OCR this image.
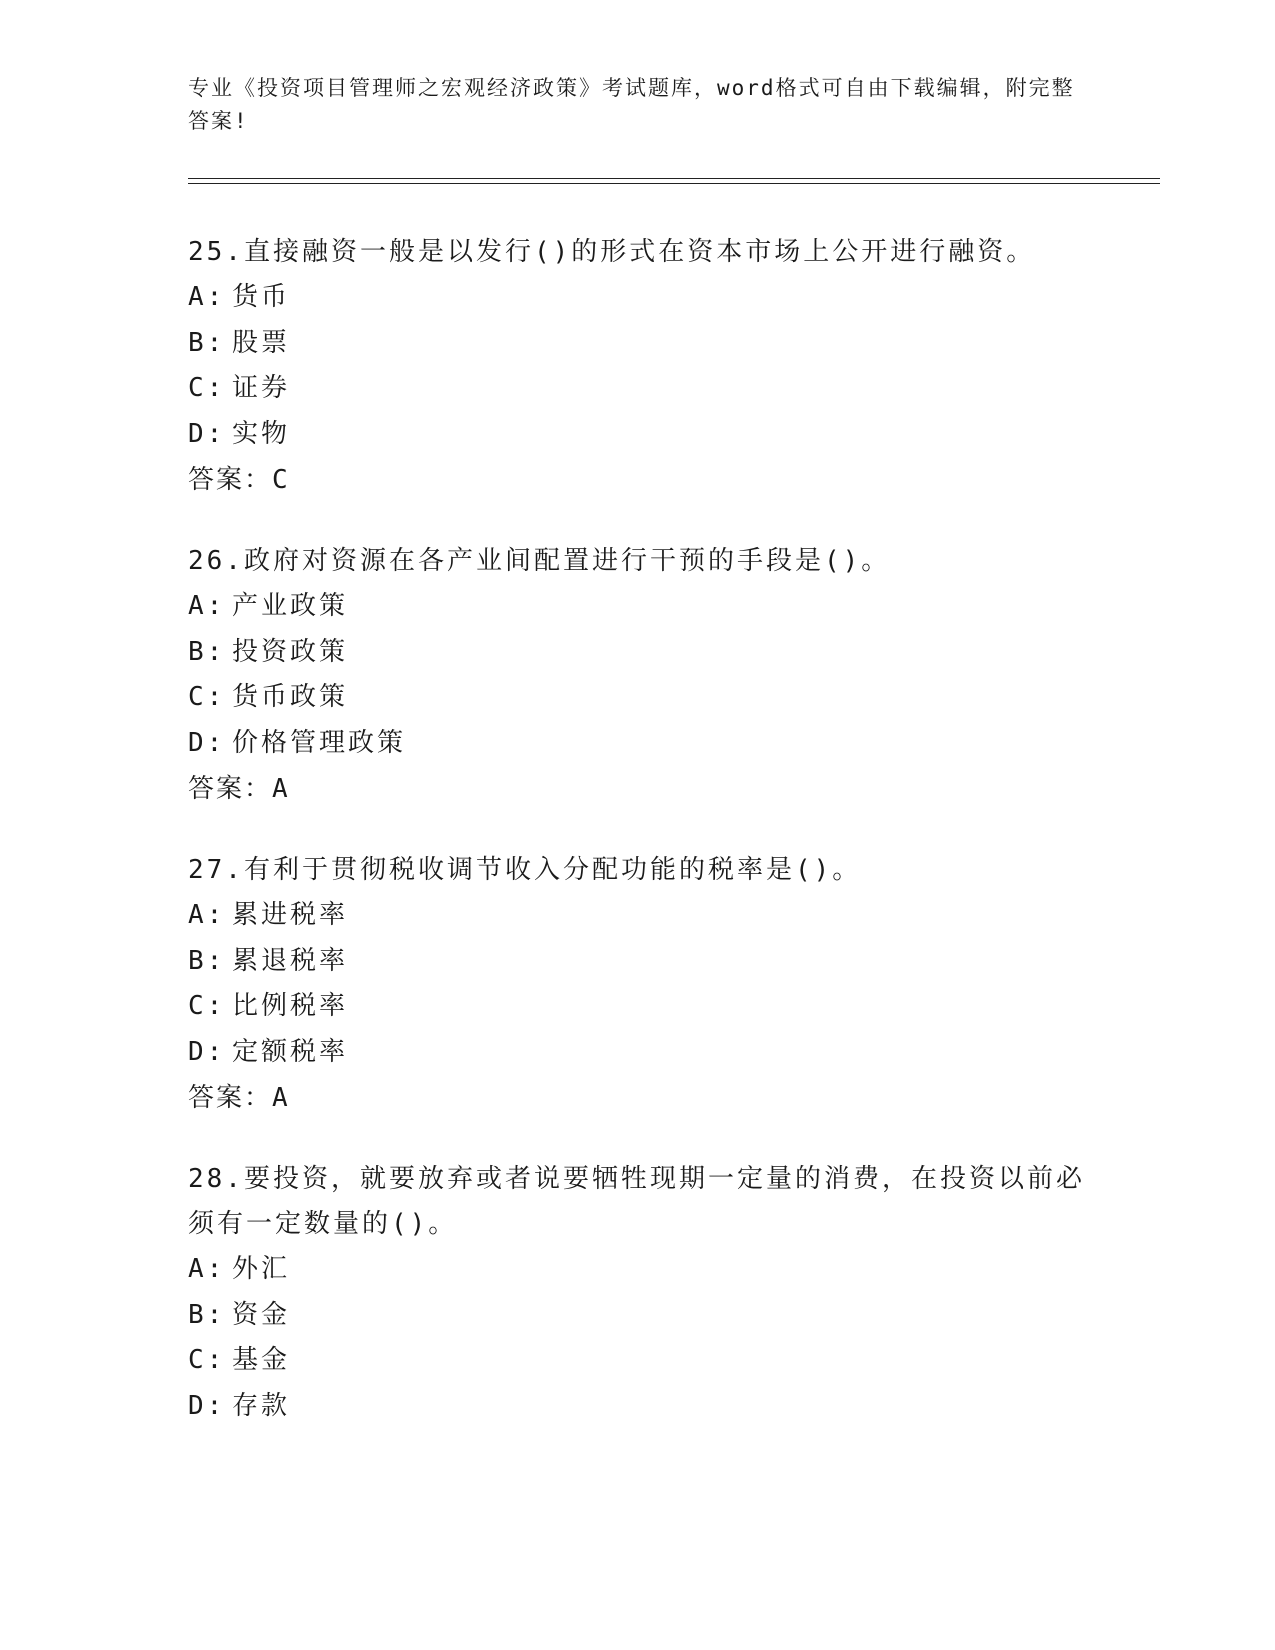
专业《投资项目管理师之宏观经济政策》考试题库，word格式可自由下载编辑，附完整答案!

25.直接融资一般是以发行()的形式在资本市场上公开进行融资。

A: 货币

B: 股票

C: 证券

D: 实物

答案：C

26.政府对资源在各产业间配置进行干预的手段是()。

A: 产业政策

B: 投资政策

C: 货币政策

D: 价格管理政策

答案：A

27.有利于贯彻税收调节收入分配功能的税率是()。

A: 累进税率

B: 累退税率

C: 比例税率

D: 定额税率

答案：A

28.要投资，就要放弃或者说要牺牲现期一定量的消费，在投资以前必须有一定数量的()。

A: 外汇

B: 资金

C: 基金

D: 存款
